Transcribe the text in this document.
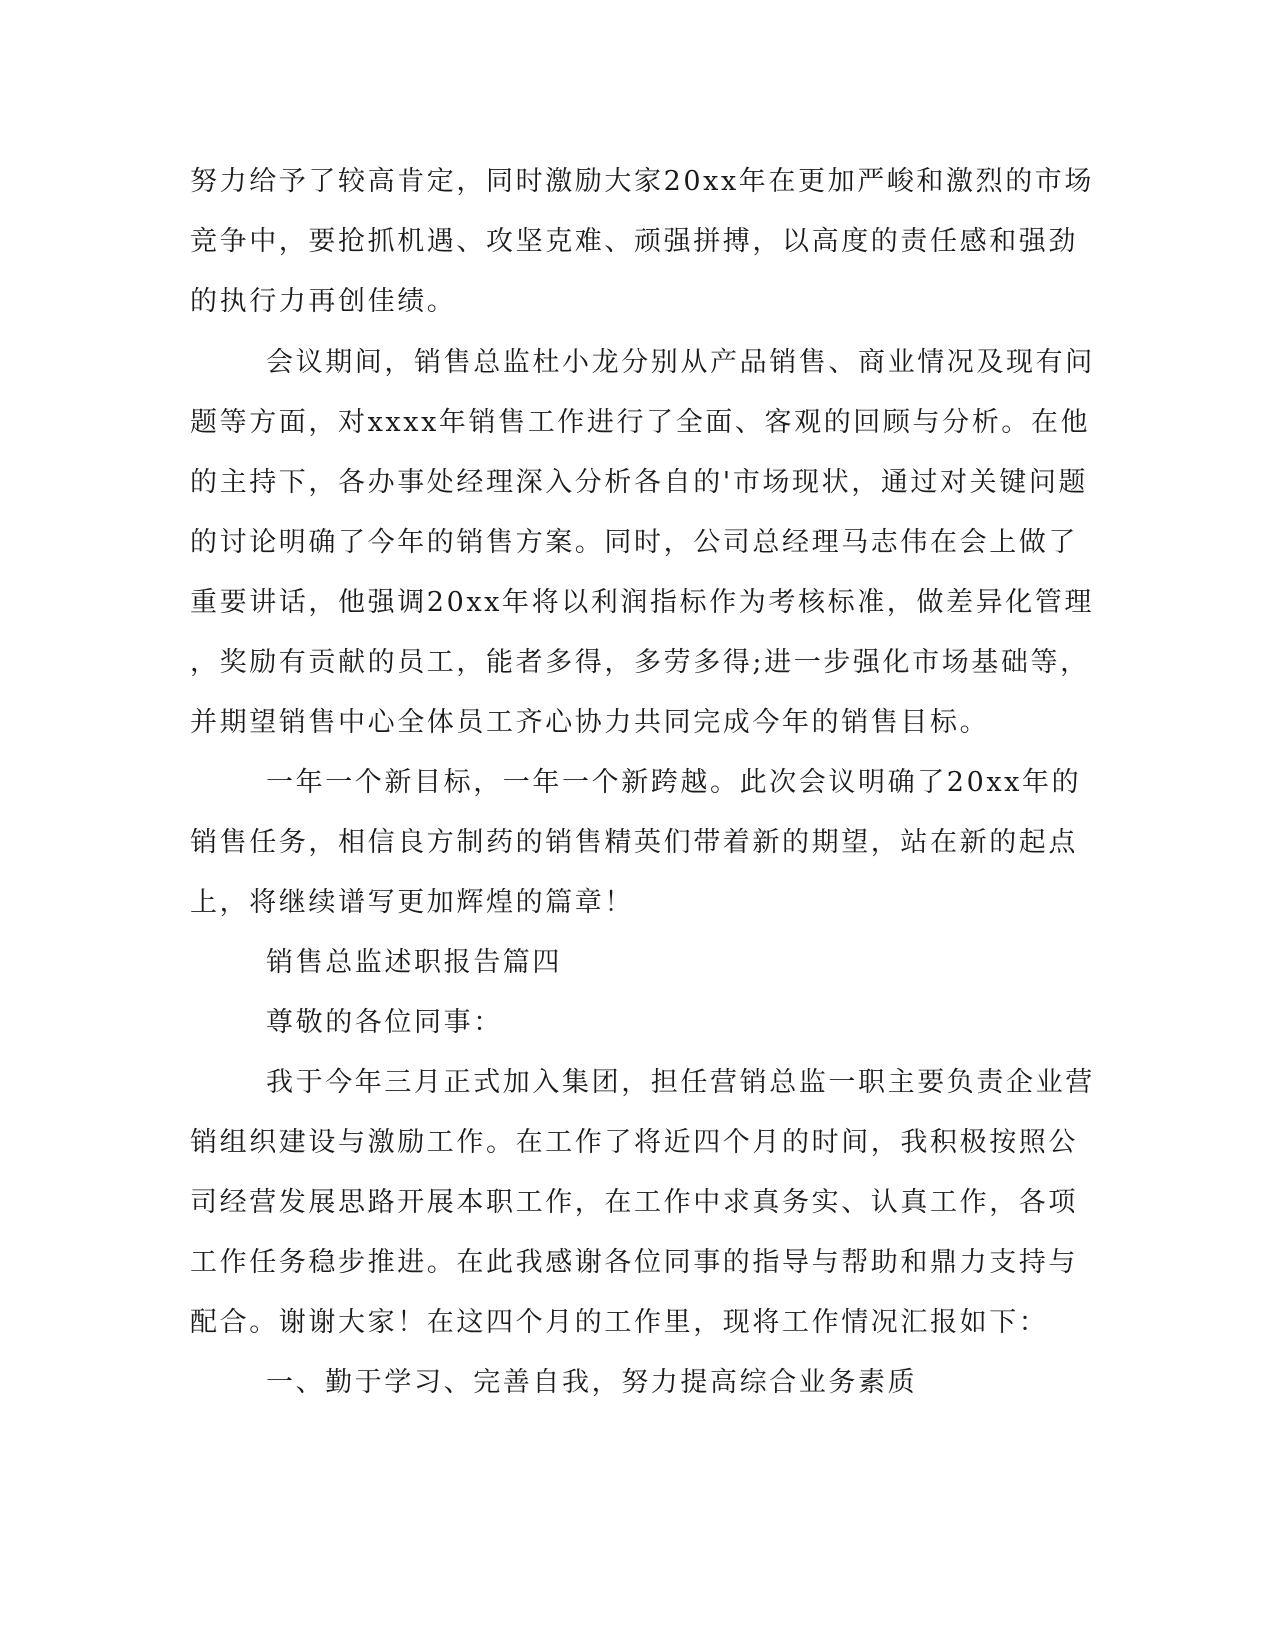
努力给予了较高肯定，同时激励大家20xx年在更加严峻和激烈的市场
竞争中，要抢抓机遇、攻坚克难、顽强拼搏，以高度的责任感和强劲
的执行力再创佳绩。
会议期间，销售总监杜小龙分别从产品销售、商业情况及现有问
题等方面，对xxxx年销售工作进行了全面、客观的回顾与分析。在他
的主持下，各办事处经理深入分析各自的'市场现状，通过对关键问题
的讨论明确了今年的销售方案。同时，公司总经理马志伟在会上做了
重要讲话，他强调20xx年将以利润指标作为考核标准，做差异化管理
，奖励有贡献的员工，能者多得，多劳多得;进一步强化市场基础等，
并期望销售中心全体员工齐心协力共同完成今年的销售目标。
一年一个新目标，一年一个新跨越。此次会议明确了20xx年的
销售任务，相信良方制药的销售精英们带着新的期望，站在新的起点
上，将继续谱写更加辉煌的篇章！
销售总监述职报告篇四
尊敬的各位同事：
我于今年三月正式加入集团，担任营销总监一职主要负责企业营
销组织建设与激励工作。在工作了将近四个月的时间，我积极按照公
司经营发展思路开展本职工作，在工作中求真务实、认真工作，各项
工作任务稳步推进。在此我感谢各位同事的指导与帮助和鼎力支持与
配合。谢谢大家！在这四个月的工作里，现将工作情况汇报如下：
一、勤于学习、完善自我，努力提高综合业务素质
